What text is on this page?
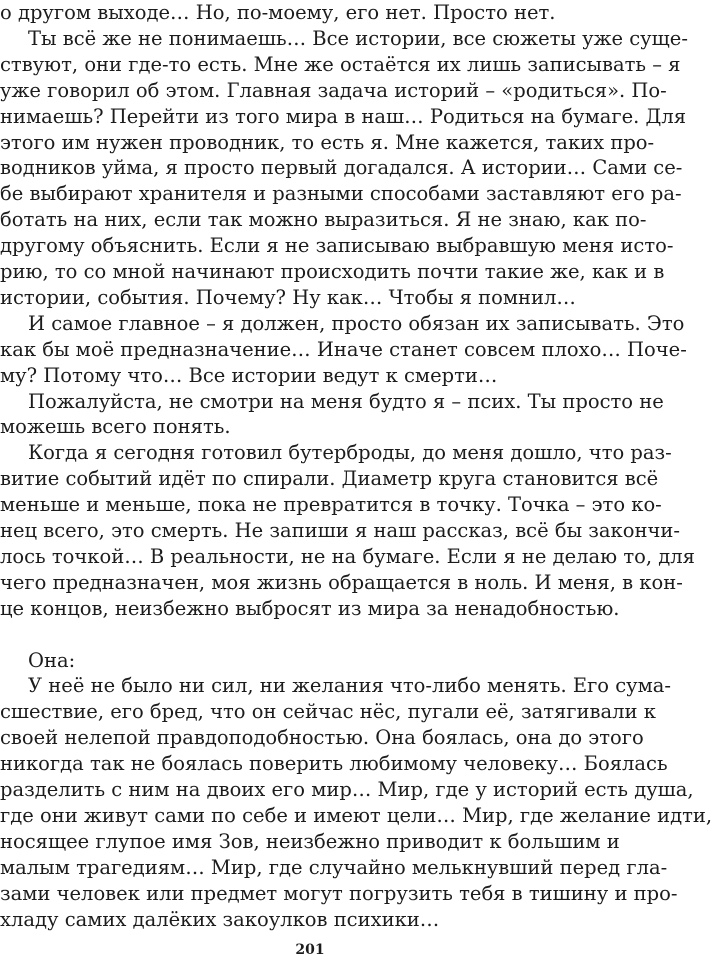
о другом выходе… Но, по-моему, его нет. Просто нет.
Ты всё же не понимаешь… Все истории, все сюжеты уже суще-
ствуют, они где-то есть. Мне же остаётся их лишь записывать – я
уже говорил об этом. Главная задача историй – «родиться». По-
нимаешь? Перейти из того мира в наш… Родиться на бумаге. Для
этого им нужен проводник, то есть я. Мне кажется, таких про-
водников уйма, я просто первый догадался. А истории… Сами се-
бе выбирают хранителя и разными способами заставляют его ра-
ботать на них, если так можно выразиться. Я не знаю, как по-
другому объяснить. Если я не записываю выбравшую меня исто-
рию, то со мной начинают происходить почти такие же, как и в
истории, события. Почему? Ну как… Чтобы я помнил…
И самое главное – я должен, просто обязан их записывать. Это
как бы моё предназначение… Иначе станет совсем плохо… Поче-
му? Потому что… Все истории ведут к смерти…
Пожалуйста, не смотри на меня будто я – псих. Ты просто не
можешь всего понять.
Когда я сегодня готовил бутерброды, до меня дошло, что раз-
витие событий идёт по спирали. Диаметр круга становится всё
меньше и меньше, пока не превратится в точку. Точка – это ко-
нец всего, это смерть. Не запиши я наш рассказ, всё бы закончи-
лось точкой… В реальности, не на бумаге. Если я не делаю то, для
чего предназначен, моя жизнь обращается в ноль. И меня, в кон-
це концов, неизбежно выбросят из мира за ненадобностью.
Она:
У неё не было ни сил, ни желания что-либо менять. Его сума-
сшествие, его бред, что он сейчас нёс, пугали её, затягивали к
своей нелепой правдоподобностью. Она боялась, она до этого
никогда так не боялась поверить любимому человеку… Боялась
разделить с ним на двоих его мир… Мир, где у историй есть душа,
где они живут сами по себе и имеют цели… Мир, где желание идти,
носящее глупое имя Зов, неизбежно приводит к большим и
малым трагедиям… Мир, где случайно мелькнувший перед гла-
зами человек или предмет могут погрузить тебя в тишину и про-
хладу самих далёких закоулков психики…
201
